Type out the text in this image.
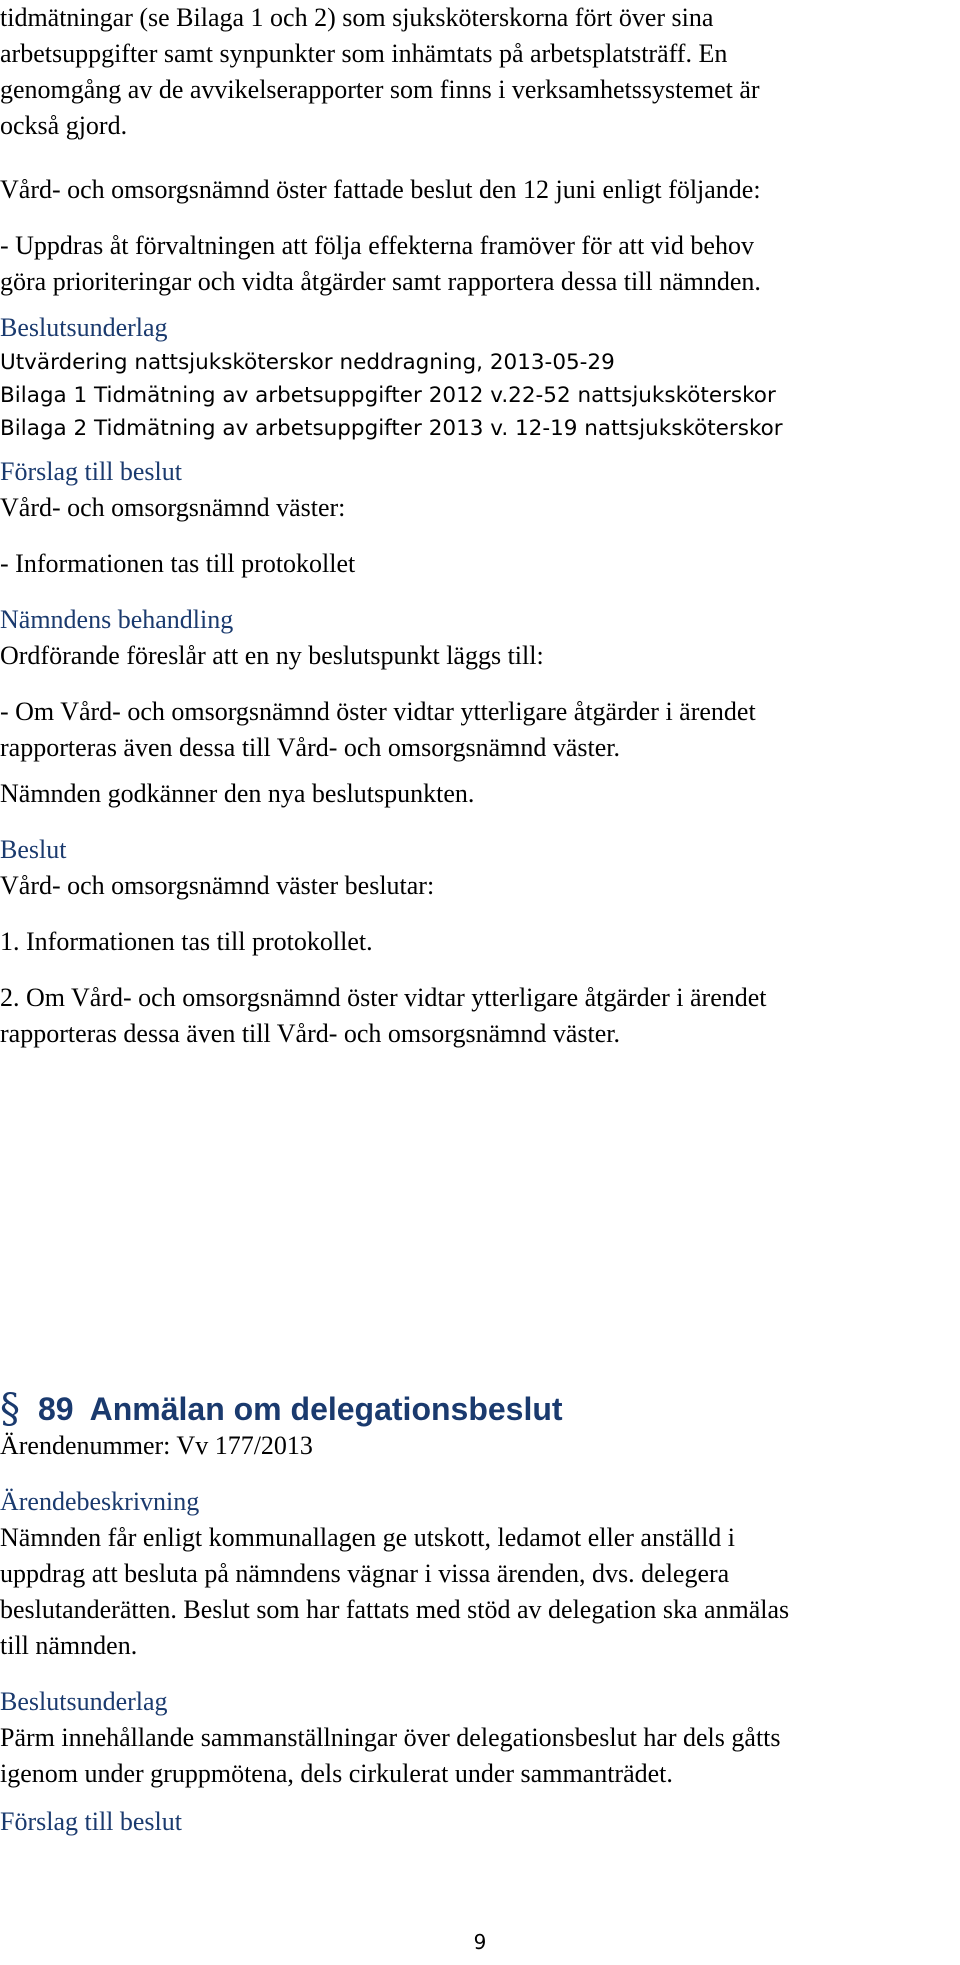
tidmätningar (se Bilaga 1 och 2) som sjuksköterskorna fört över sina
arbetsuppgifter samt synpunkter som inhämtats på arbetsplatsträff. En
genomgång av de avvikelserapporter som finns i verksamhetssystemet är
också gjord.
Vård- och omsorgsnämnd öster fattade beslut den 12 juni enligt följande:
- Uppdras åt förvaltningen att följa effekterna framöver för att vid behov
göra prioriteringar och vidta åtgärder samt rapportera dessa till nämnden.
Beslutsunderlag
Utvärdering nattsjuksköterskor neddragning, 2013-05-29
Bilaga 1 Tidmätning av arbetsuppgifter 2012 v.22-52 nattsjuksköterskor
Bilaga 2 Tidmätning av arbetsuppgifter 2013 v. 12-19 nattsjuksköterskor
Förslag till beslut
Vård- och omsorgsnämnd väster:
- Informationen tas till protokollet
Nämndens behandling
Ordförande föreslår att en ny beslutspunkt läggs till:
- Om Vård- och omsorgsnämnd öster vidtar ytterligare åtgärder i ärendet
rapporteras även dessa till Vård- och omsorgsnämnd väster.
Nämnden godkänner den nya beslutspunkten.
Beslut
Vård- och omsorgsnämnd väster beslutar:
1. Informationen tas till protokollet.
2. Om Vård- och omsorgsnämnd öster vidtar ytterligare åtgärder i ärendet
rapporteras dessa även till Vård- och omsorgsnämnd väster.
§ 89 Anmälan om delegationsbeslut
Ärendenummer: Vv 177/2013
Ärendebeskrivning
Nämnden får enligt kommunallagen ge utskott, ledamot eller anställd i
uppdrag att besluta på nämndens vägnar i vissa ärenden, dvs. delegera
beslutanderätten. Beslut som har fattats med stöd av delegation ska anmälas
till nämnden.
Beslutsunderlag
Pärm innehållande sammanställningar över delegationsbeslut har dels gåtts
igenom under gruppmötena, dels cirkulerat under sammanträdet.
Förslag till beslut
9
